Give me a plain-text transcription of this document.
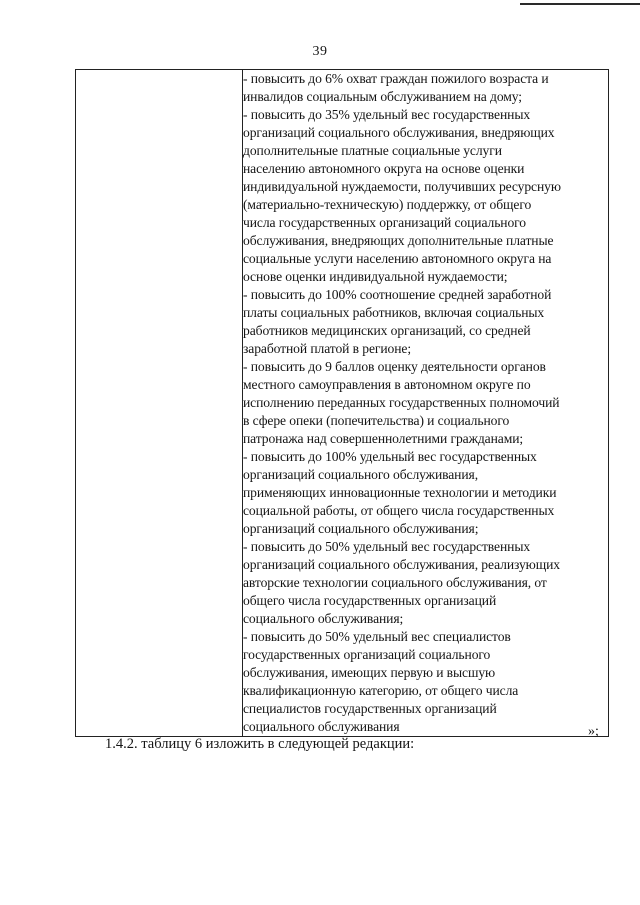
39

- повысить до 6% охват граждан пожилого возраста и
инвалидов социальным обслуживанием на дому;
- повысить до 35% удельный вес государственных
организаций социального обслуживания, внедряющих
дополнительные платные социальные услуги
населению автономного округа на основе оценки
индивидуальной нуждаемости, получивших ресурсную
(материально-техническую) поддержку, от общего
числа государственных организаций социального
обслуживания, внедряющих дополнительные платные
социальные услуги населению автономного округа на
основе оценки индивидуальной нуждаемости;
- повысить до 100% соотношение средней заработной
платы социальных работников, включая социальных
работников медицинских организаций, со средней
заработной платой в регионе;
- повысить до 9 баллов оценку деятельности органов
местного самоуправления в автономном округе по
исполнению переданных государственных полномочий
в сфере опеки (попечительства) и социального
патронажа над совершеннолетними гражданами;
- повысить до 100% удельный вес государственных
организаций социального обслуживания,
применяющих инновационные технологии и методики
социальной работы, от общего числа государственных
организаций социального обслуживания;
- повысить до 50% удельный вес государственных
организаций социального обслуживания, реализующих
авторские технологии социального обслуживания, от
общего числа государственных организаций
социального обслуживания;
- повысить до 50% удельный вес специалистов
государственных организаций социального
обслуживания, имеющих первую и высшую
квалификационную категорию, от общего числа
специалистов государственных организаций
социального обслуживания	»;
1.4.2. таблицу 6 изложить в следующей редакции:
